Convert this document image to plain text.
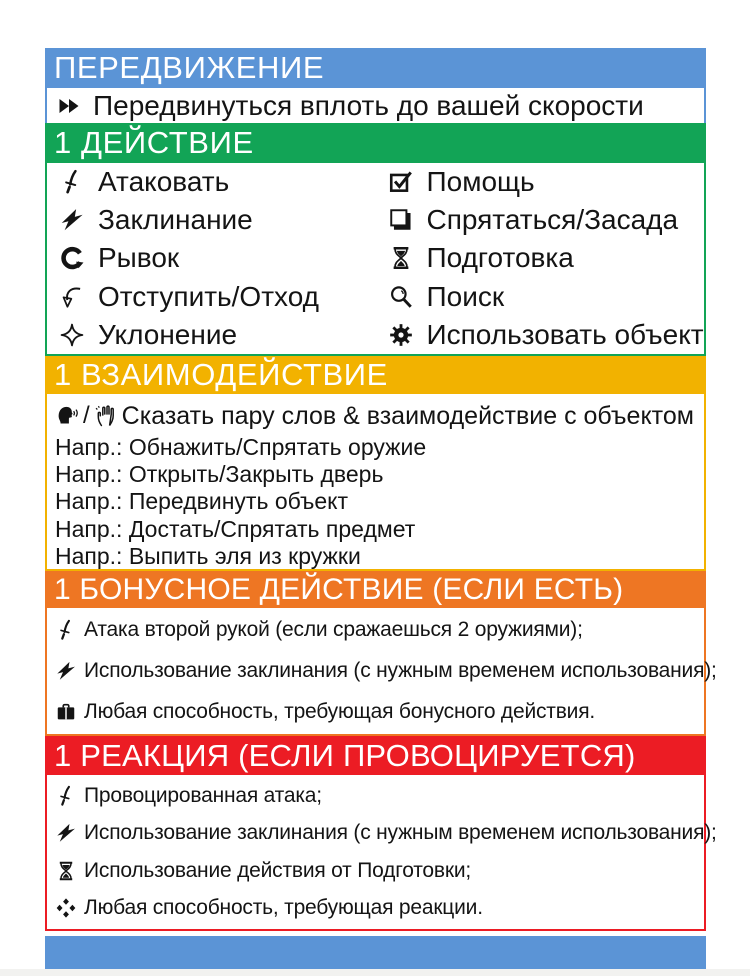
ПЕРЕДВИЖЕНИЕ
Передвинуться вплоть до вашей скорости
1 ДЕЙСТВИЕ
Атаковать
Заклинание
Рывок
Отступить/Отход
Уклонение
Помощь
Спрятаться/Засада
Подготовка
Поиск
Использовать объект
1 ВЗАИМОДЕЙСТВИЕ
/ Сказать пару слов & взаимодействие с объектом
Напр.: Обнажить/Спрятать оружие
Напр.: Открыть/Закрыть дверь
Напр.: Передвинуть объект
Напр.: Достать/Спрятать предмет
Напр.: Выпить эля из кружки
1 БОНУСНОЕ ДЕЙСТВИЕ (ЕСЛИ ЕСТЬ)
Атака второй рукой (если сражаешься 2 оружиями);
Использование заклинания (с нужным временем использования);
Любая способность, требующая бонусного действия.
1 РЕАКЦИЯ (ЕСЛИ ПРОВОЦИРУЕТСЯ)
Провоцированная атака;
Использование заклинания (с нужным временем использования);
Использование действия от Подготовки;
Любая способность, требующая реакции.
